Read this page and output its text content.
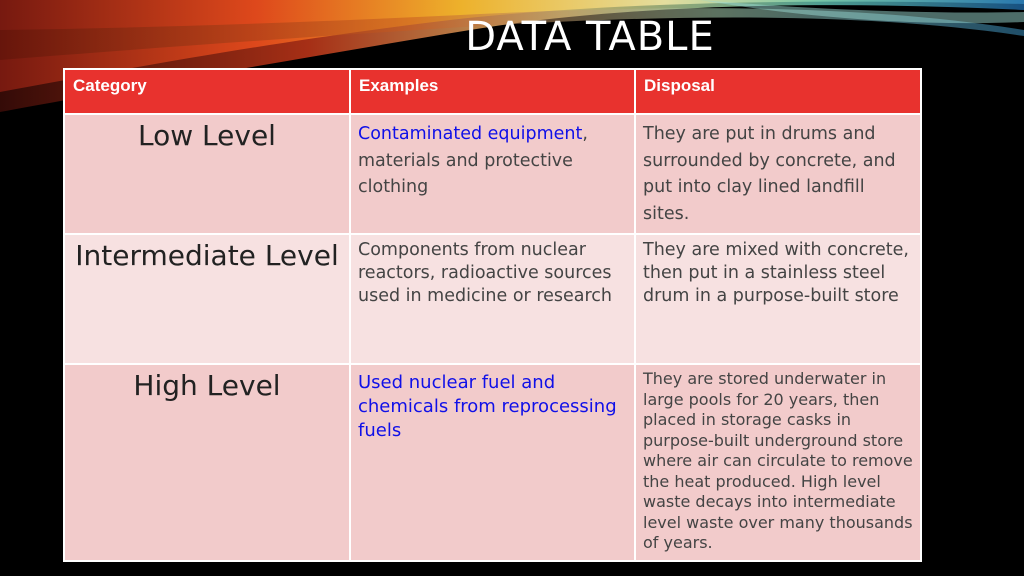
DATA TABLE
Category	Examples	Disposal
Low Level	Contaminated equipment, materials and protective clothing	They are put in drums and surrounded by concrete, and put into clay lined landfill sites.
Intermediate Level	Components from nuclear reactors, radioactive sources used in medicine or research	They are mixed with concrete, then put in a stainless steel drum in a purpose-built store
High Level	Used nuclear fuel and chemicals from reprocessing fuels	They are stored underwater in large pools for 20 years, then placed in storage casks in purpose-built underground store where air can circulate to remove the heat produced. High level waste decays into intermediate level waste over many thousands of years.
